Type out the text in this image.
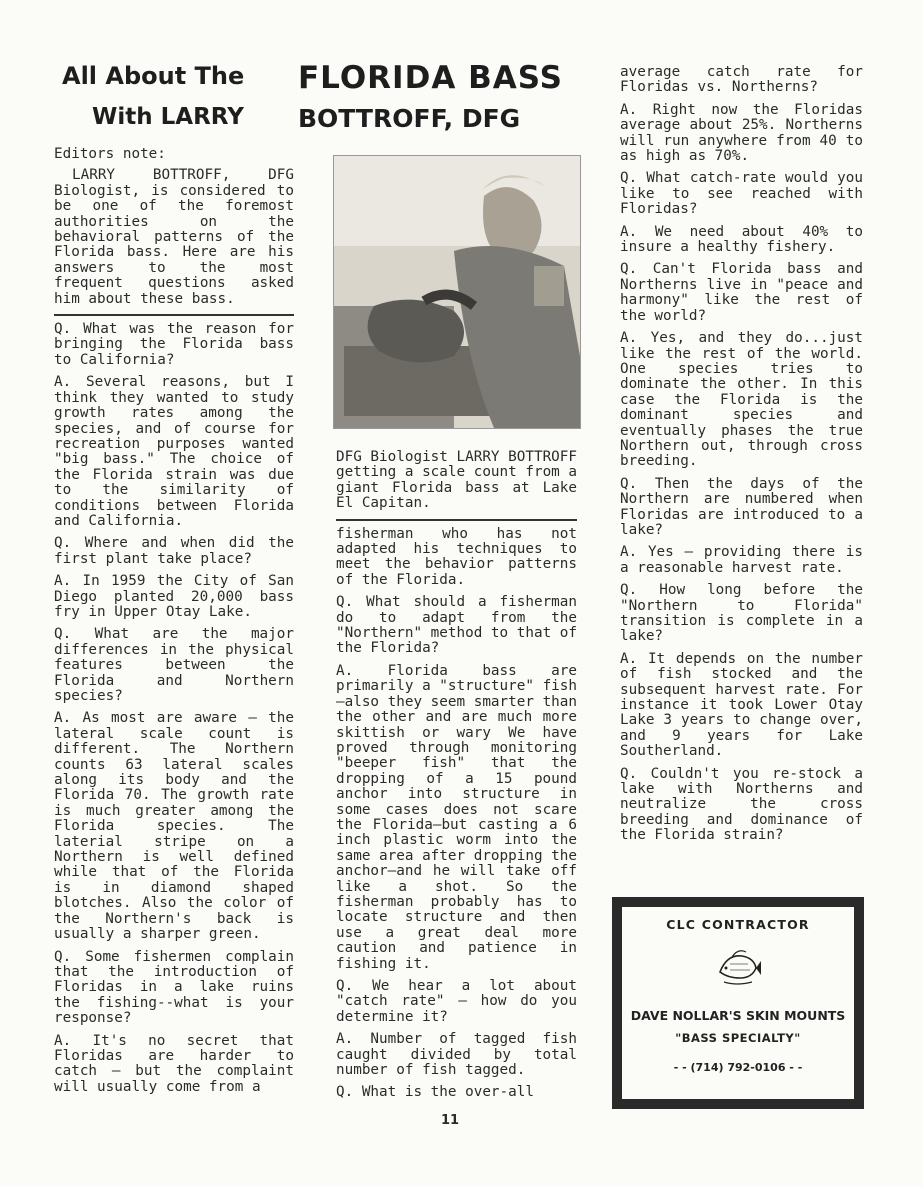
All About The FLORIDA BASS
With LARRY BOTTROFF, DFG

Editors note:

LARRY BOTTROFF, DFG Biologist, is considered to be one of the foremost authorities on the behavioral patterns of the Florida bass. Here are his answers to the most frequent questions asked him about these bass.

Q. What was the reason for bringing the Florida bass to California?

A. Several reasons, but I think they wanted to study growth rates among the species, and of course for recreation purposes wanted "big bass." The choice of the Florida strain was due to the similarity of conditions between Florida and California.

Q. Where and when did the first plant take place?

A. In 1959 the City of San Diego planted 20,000 bass fry in Upper Otay Lake.

Q. What are the major differences in the physical features between the Florida and Northern species?

A. As most are aware — the lateral scale count is different. The Northern counts 63 lateral scales along its body and the Florida 70. The growth rate is much greater among the Florida species. The laterial stripe on a Northern is well defined while that of the Florida is in diamond shaped blotches. Also the color of the Northern's back is usually a sharper green.

Q. Some fishermen complain that the introduction of Floridas in a lake ruins the fishing--what is your response?

A. It's no secret that Floridas are harder to catch — but the complaint will usually come from a

DFG Biologist LARRY BOTTROFF getting a scale count from a giant Florida bass at Lake El Capitan.

fisherman who has not adapted his techniques to meet the behavior patterns of the Florida.

Q. What should a fisherman do to adapt from the "Northern" method to that of the Florida?

A. Florida bass are primarily a "structure" fish—also they seem smarter than the other and are much more skittish or wary We have proved through monitoring "beeper fish" that the dropping of a 15 pound anchor into structure in some cases does not scare the Florida—but casting a 6 inch plastic worm into the same area after dropping the anchor—and he will take off like a shot. So the fisherman probably has to locate structure and then use a great deal more caution and patience in fishing it.

Q. We hear a lot about "catch rate" — how do you determine it?

A. Number of tagged fish caught divided by total number of fish tagged.

Q. What is the over-all

average catch rate for Floridas vs. Northerns?

A. Right now the Floridas average about 25%. Northerns will run anywhere from 40 to as high as 70%.

Q. What catch-rate would you like to see reached with Floridas?

A. We need about 40% to insure a healthy fishery.

Q. Can't Florida bass and Northerns live in "peace and harmony" like the rest of the world?

A. Yes, and they do...just like the rest of the world. One species tries to dominate the other. In this case the Florida is the dominant species and eventually phases the true Northern out, through cross breeding.

Q. Then the days of the Northern are numbered when Floridas are introduced to a lake?

A. Yes — providing there is a reasonable harvest rate.

Q. How long before the "Northern to Florida" transition is complete in a lake?

A. It depends on the number of fish stocked and the subsequent harvest rate. For instance it took Lower Otay Lake 3 years to change over, and 9 years for Lake Southerland.

Q. Couldn't you re-stock a lake with Northerns and neutralize the cross breeding and dominance of the Florida strain?

CLC CONTRACTOR
DAVE NOLLAR'S SKIN MOUNTS
"BASS SPECIALTY"
- - (714) 792-0106 - -
11
